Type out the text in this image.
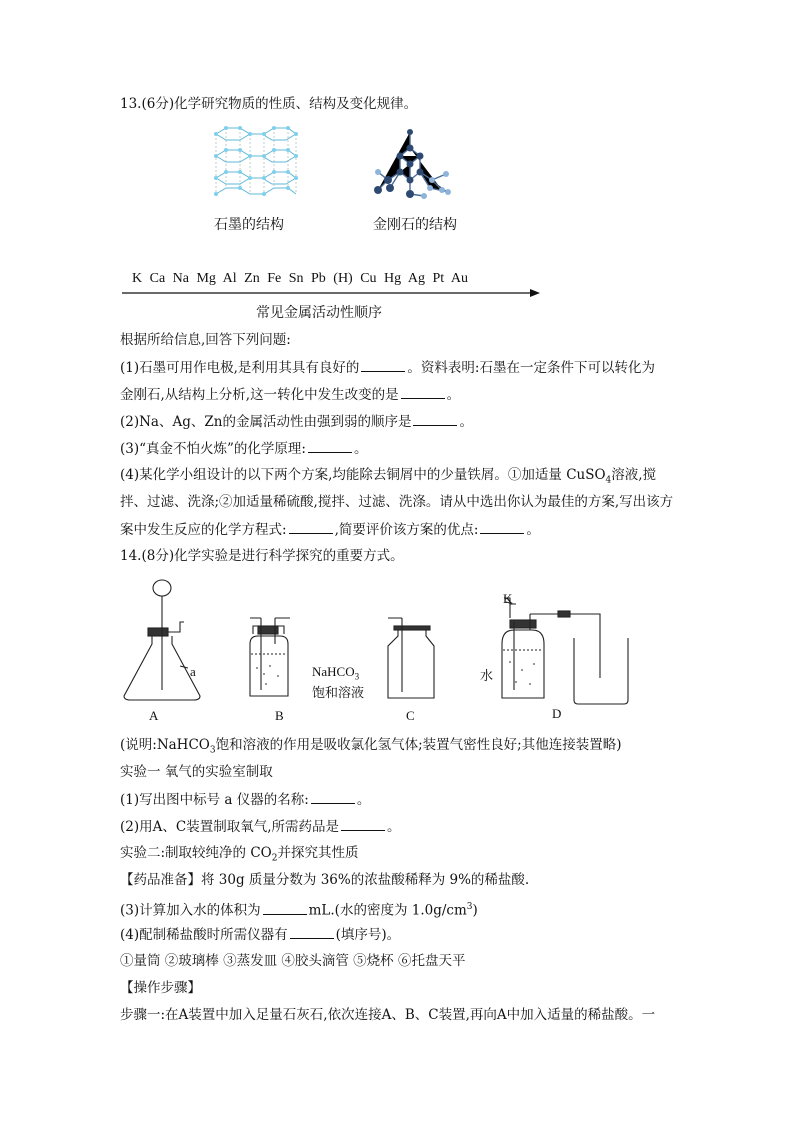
13.(6分)化学研究物质的性质、结构及变化规律。
石墨的结构	金刚石的结构
K Ca Na Mg Al Zn Fe Sn Pb (H) Cu Hg Ag Pt Au
常见金属活动性顺序
根据所给信息,回答下列问题:
(1)石墨可用作电极,是利用其具有良好的	。资料表明:石墨在一定条件下可以转化为
金刚石,从结构上分析,这一转化中发生改变的是	。
(2)Na、Ag、Zn的金属活动性由强到弱的顺序是	。
(3)“真金不怕火炼”的化学原理:	。
(4)某化学小组设计的以下两个方案,均能除去铜屑中的少量铁屑。①加适量 CuSO$_4$溶液,搅
拌、过滤、洗涤;②加适量稀硫酸,搅拌、过滤、洗涤。请从中选出你认为最佳的方案,写出该方
案中发生反应的化学方程式:	,简要评价该方案的优点:	。
14.(8分)化学实验是进行科学探究的重要方式。
a
A	B	C	D
K
水
NaHCO$_3$
饱和溶液
(说明:NaHCO$_3$饱和溶液的作用是吸收氯化氢气体;装置气密性良好;其他连接装置略)
实验一 氧气的实验室制取
(1)写出图中标号 a 仪器的名称:	。
(2)用A、C装置制取氧气,所需药品是	。
实验二:制取较纯净的 $CO_2$并探究其性质
【药品准备】将 30g 质量分数为 36%的浓盐酸稀释为 9%的稀盐酸.
(3)计算加入水的体积为	mL.(水的密度为 $1.0g/cm^3$)
(4)配制稀盐酸时所需仪器有	(填序号)。
①量筒 ②玻璃棒 ③蒸发皿 ④胶头滴管 ⑤烧杯 ⑥托盘天平
【操作步骤】
步骤一:在A装置中加入足量石灰石,依次连接A、B、C装置,再向A中加入适量的稀盐酸。一
